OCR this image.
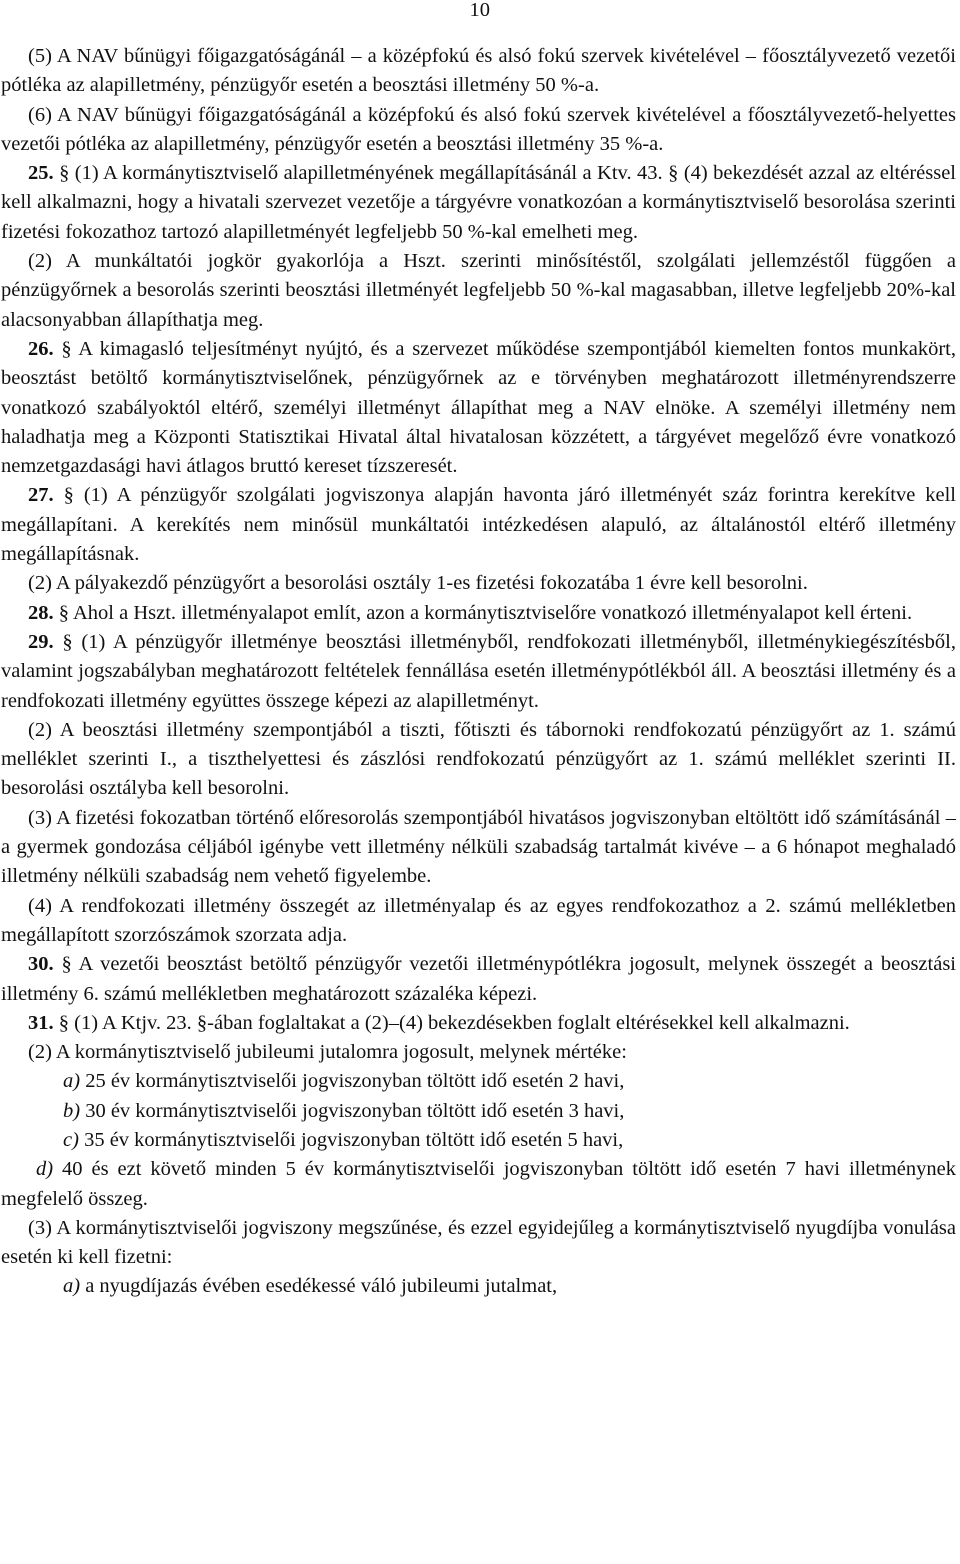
10

(5) A NAV bűnügyi főigazgatóságánál – a középfokú és alsó fokú szervek kivételével – főosztályvezető vezetői pótléka az alapilletmény, pénzügyőr esetén a beosztási illetmény 50 %-a.

(6) A NAV bűnügyi főigazgatóságánál a középfokú és alsó fokú szervek kivételével a főosztályvezető-helyettes vezetői pótléka az alapilletmény, pénzügyőr esetén a beosztási illetmény 35 %-a.

25. § (1) A kormánytisztviselő alapilletményének megállapításánál a Ktv. 43. § (4) bekezdését azzal az eltéréssel kell alkalmazni, hogy a hivatali szervezet vezetője a tárgyévre vonatkozóan a kormánytisztviselő besorolása szerinti fizetési fokozathoz tartozó alapilletményét legfeljebb 50 %-kal emelheti meg.

(2) A munkáltatói jogkör gyakorlója a Hszt. szerinti minősítéstől, szolgálati jellemzéstől függően a pénzügyőrnek a besorolás szerinti beosztási illetményét legfeljebb 50 %-kal magasabban, illetve legfeljebb 20%-kal alacsonyabban állapíthatja meg.

26. § A kimagasló teljesítményt nyújtó, és a szervezet működése szempontjából kiemelten fontos munkakört, beosztást betöltő kormánytisztviselőnek, pénzügyőrnek az e törvényben meghatározott illetményrendszerre vonatkozó szabályoktól eltérő, személyi illetményt állapíthat meg a NAV elnöke. A személyi illetmény nem haladhatja meg a Központi Statisztikai Hivatal által hivatalosan közzétett, a tárgyévet megelőző évre vonatkozó nemzetgazdasági havi átlagos bruttó kereset tízszeresét.

27. § (1) A pénzügyőr szolgálati jogviszonya alapján havonta járó illetményét száz forintra kerekítve kell megállapítani. A kerekítés nem minősül munkáltatói intézkedésen alapuló, az általánostól eltérő illetmény megállapításnak.

(2) A pályakezdő pénzügyőrt a besorolási osztály 1-es fizetési fokozatába 1 évre kell besorolni.

28. § Ahol a Hszt. illetményalapot említ, azon a kormánytisztviselőre vonatkozó illetményalapot kell érteni.

29. § (1) A pénzügyőr illetménye beosztási illetményből, rendfokozati illetményből, illetménykiegészítésből, valamint jogszabályban meghatározott feltételek fennállása esetén illetménypótlékból áll. A beosztási illetmény és a rendfokozati illetmény együttes összege képezi az alapilletményt.

(2) A beosztási illetmény szempontjából a tiszti, főtiszti és tábornoki rendfokozatú pénzügyőrt az 1. számú melléklet szerinti I., a tiszthelyettesi és zászlósi rendfokozatú pénzügyőrt az 1. számú melléklet szerinti II. besorolási osztályba kell besorolni.

(3) A fizetési fokozatban történő előresorolás szempontjából hivatásos jogviszonyban eltöltött idő számításánál – a gyermek gondozása céljából igénybe vett illetmény nélküli szabadság tartalmát kivéve – a 6 hónapot meghaladó illetmény nélküli szabadság nem vehető figyelembe.

(4) A rendfokozati illetmény összegét az illetményalap és az egyes rendfokozathoz a 2. számú mellékletben megállapított szorzószámok szorzata adja.

30. § A vezetői beosztást betöltő pénzügyőr vezetői illetménypótlékra jogosult, melynek összegét a beosztási illetmény 6. számú mellékletben meghatározott százaléka képezi.

31. § (1) A Ktjv. 23. §-ában foglaltakat a (2)–(4) bekezdésekben foglalt eltérésekkel kell alkalmazni.

(2) A kormánytisztviselő jubileumi jutalomra jogosult, melynek mértéke:

a) 25 év kormánytisztviselői jogviszonyban töltött idő esetén 2 havi,

b) 30 év kormánytisztviselői jogviszonyban töltött idő esetén 3 havi,

c) 35 év kormánytisztviselői jogviszonyban töltött idő esetén 5 havi,

d) 40 és ezt követő minden 5 év kormánytisztviselői jogviszonyban töltött idő esetén 7 havi illetménynek megfelelő összeg.

(3) A kormánytisztviselői jogviszony megszűnése, és ezzel egyidejűleg a kormánytisztviselő nyugdíjba vonulása esetén ki kell fizetni:

a) a nyugdíjazás évében esedékessé váló jubileumi jutalmat,
